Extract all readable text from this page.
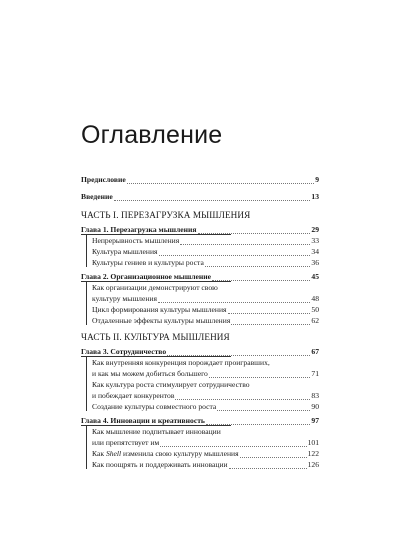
Оглавление
Предисловие	9
Введение	13
ЧАСТЬ I. ПЕРЕЗАГРУЗКА МЫШЛЕНИЯ
Глава 1. Перезагрузка мышления	29
Непрерывность мышления	33
Культура мышления	34
Культуры гениев и культуры роста	36
Глава 2. Организационное мышление	45
Как организации демонстрируют свою
культуру мышления	48
Цикл формирования культуры мышления	50
Отдаленные эффекты культуры мышления	62
ЧАСТЬ II. КУЛЬТУРА МЫШЛЕНИЯ
Глава 3. Сотрудничество	67
Как внутренняя конкуренция порождает проигравших,
и как мы можем добиться большего	71
Как культура роста стимулирует сотрудничество
и побеждает конкурентов	83
Создание культуры совместного роста	90
Глава 4. Инновации и креативность	97
Как мышление подпитывает инновации
или препятствует им	101
Как Shell изменила свою культуру мышления	122
Как поощрять и поддерживать инновации	126
